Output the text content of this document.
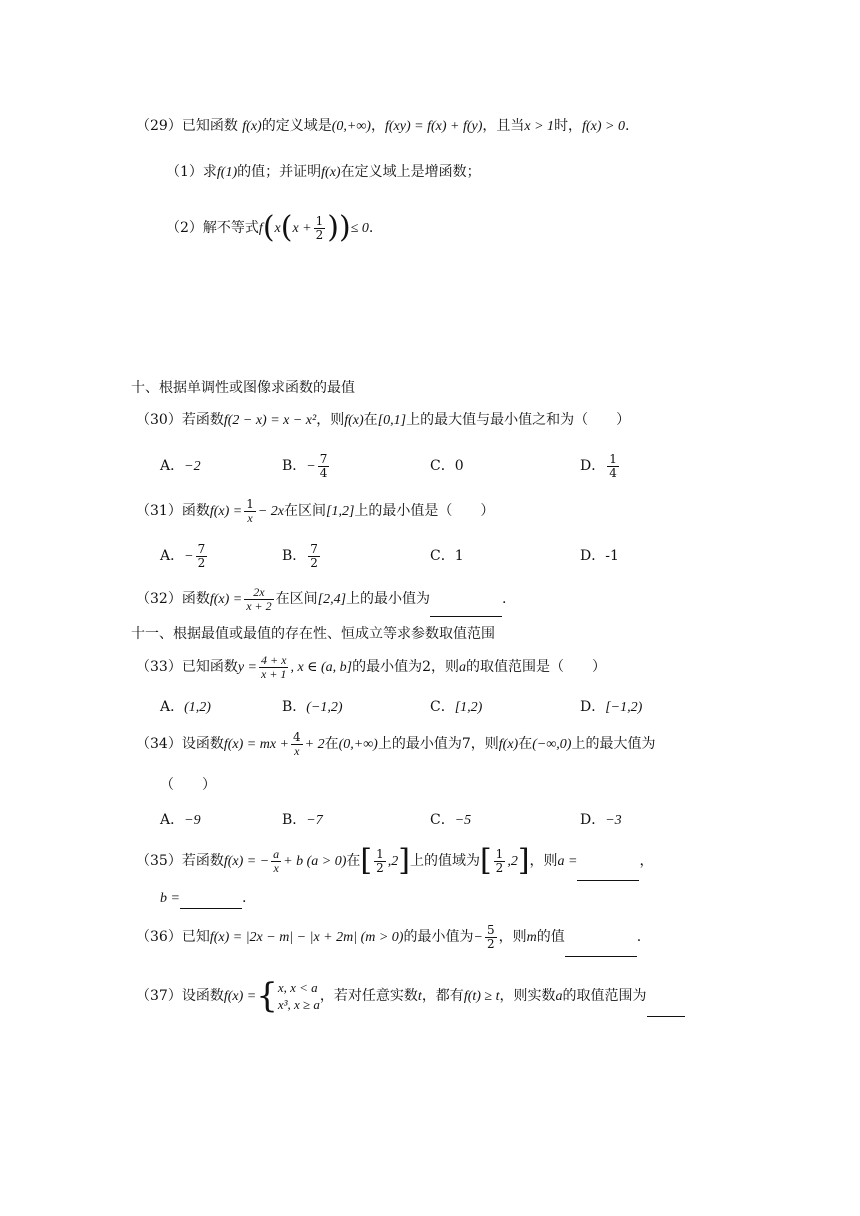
（29）已知函数 f(x)的定义域是(0,+∞)，f(xy) = f(x) + f(y)，且当x > 1时，f(x) > 0.
（1）求f(1)的值；并证明f(x)在定义域上是增函数；
（2）解不等式$f(x(x + \frac{1}{2}$ ))≤ 0.
十、根据单调性或图像求函数的最值
（30）若函数f(2 − x) = x − x²，则f(x)在[0,1]上的最大值与最小值之和为（　　）
A．−2	B．− $\frac{7}{4}$	C．0	D． $\frac{1}{4}$
（31）函数$f(x) = \frac{1}{x} - 2x$在区间[1,2]上的最小值是（　　）
A．− $\frac{7}{2}$	B． $\frac{7}{2}$	C．1	D．-1
（32）函数$f(x) = \frac{2x}{x + 2}$ 在区间[2,4]上的最小值为	.
十一、根据最值或最值的存在性、恒成立等求参数取值范围
（33）已知函数$y = \frac{4 + x}{x + 1}$ , x ∈ (a, b]的最小值为2，则a的取值范围是（　　）
A．(1,2)	B．(−1,2)	C．[1,2)	D．[−1,2)
（34）设函数f(x) = mx + $\frac{4}{x} + 2$在(0,+∞)上的最小值为7，则f(x)在(−∞,0)上的最大值为
（　　）
A．−9	B．−7	C．−5	D．−3
（35）若函数f(x) = − $\frac{a}{x} + b$ (a > 0)在[ $\frac{1}{2} ,2$]上的值域为[ $\frac{1}{2} ,2$]，则a =	，
b =	.
（36）已知f(x) = |2x − m| − |x + 2m| (m > 0)的最小值为− $\frac{5}{2}$ ，则m的值	.
（37）设函数f(x) ={ x, x < a
x³, x ≥ a
，若对任意实数t，都有f(t) ≥ t，则实数a的取值范围为
